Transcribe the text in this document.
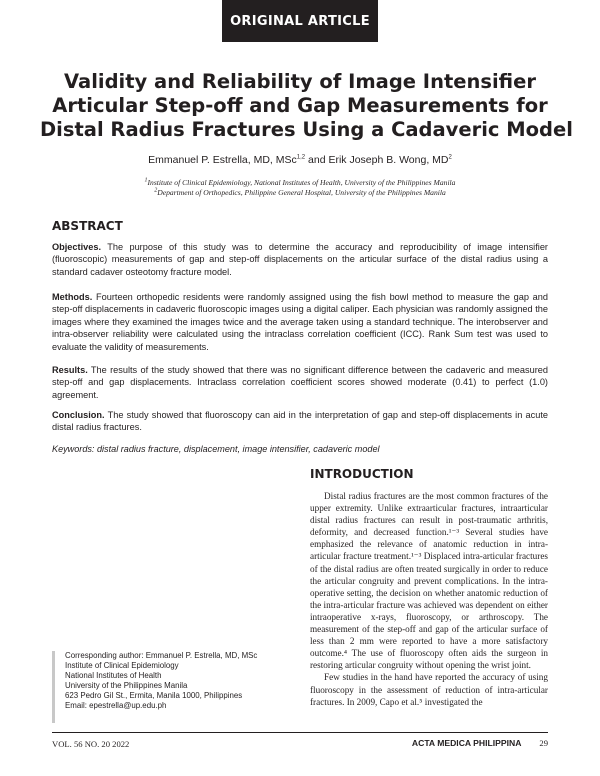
ORIGINAL ARTICLE
Validity and Reliability of Image Intensifier
Articular Step-off and Gap Measurements for
Distal Radius Fractures Using a Cadaveric Model
Emmanuel P. Estrella, MD, MSc$^{1,2}$ and Erik Joseph B. Wong, $MD^2$
$^1$Institute of Clinical Epidemiology, National Institutes of Health, University of the Philippines Manila
$^2$Department of Orthopedics, Philippine General Hospital, University of the Philippines Manila
ABSTRACT
Objectives. The purpose of this study was to determine the accuracy and reproducibility of image intensifier (fluoroscopic) measurements of gap and step-off displacements on the articular surface of the distal radius using a standard cadaver osteotomy fracture model.
Methods. Fourteen orthopedic residents were randomly assigned using the fish bowl method to measure the gap and step-off displacements in cadaveric fluoroscopic images using a digital caliper. Each physician was randomly assigned the images where they examined the images twice and the average taken using a standard technique. The interobserver and intra-observer reliability were calculated using the intraclass correlation coefficient (ICC). Rank Sum test was used to evaluate the validity of measurements.
Results. The results of the study showed that there was no significant difference between the cadaveric and measured step-off and gap displacements. Intraclass correlation coefficient scores showed moderate (0.41) to perfect (1.0) agreement.
Conclusion. The study showed that fluoroscopy can aid in the interpretation of gap and step-off displacements in acute distal radius fractures.
Keywords: distal radius fracture, displacement, image intensifier, cadaveric model
INTRODUCTION

Distal radius fractures are the most common fractures of the upper extremity. Unlike extraarticular fractures, intraarticular distal radius fractures can result in post-traumatic arthritis, deformity, and decreased function.¹⁻³ Several studies have emphasized the relevance of anatomic reduction in intra-articular fracture treatment.¹⁻³ Displaced intra-articular fractures of the distal radius are often treated surgically in order to reduce the articular congruity and prevent complications. In the intra-operative setting, the decision on whether anatomic reduction of the intra-articular fracture was achieved was dependent on either intraoperative x-rays, fluoroscopy, or arthroscopy. The measurement of the step-off and gap of the articular surface of less than 2 mm were reported to have a more satisfactory outcome.⁴ The use of fluoroscopy often aids the surgeon in restoring articular congruity without opening the wrist joint.

Few studies in the hand have reported the accuracy of using fluoroscopy in the assessment of reduction of intra-articular fractures. In 2009, Capo et al.⁵ investigated the

Corresponding author: Emmanuel P. Estrella, MD, MSc
Institute of Clinical Epidemiology
National Institutes of Health
University of the Philippines Manila
623 Pedro Gil St., Ermita, Manila 1000, Philippines
Email: epestrella@up.edu.ph
VOL. 56 NO. 20 2022	ACTA MEDICA PHILIPPINA 29
